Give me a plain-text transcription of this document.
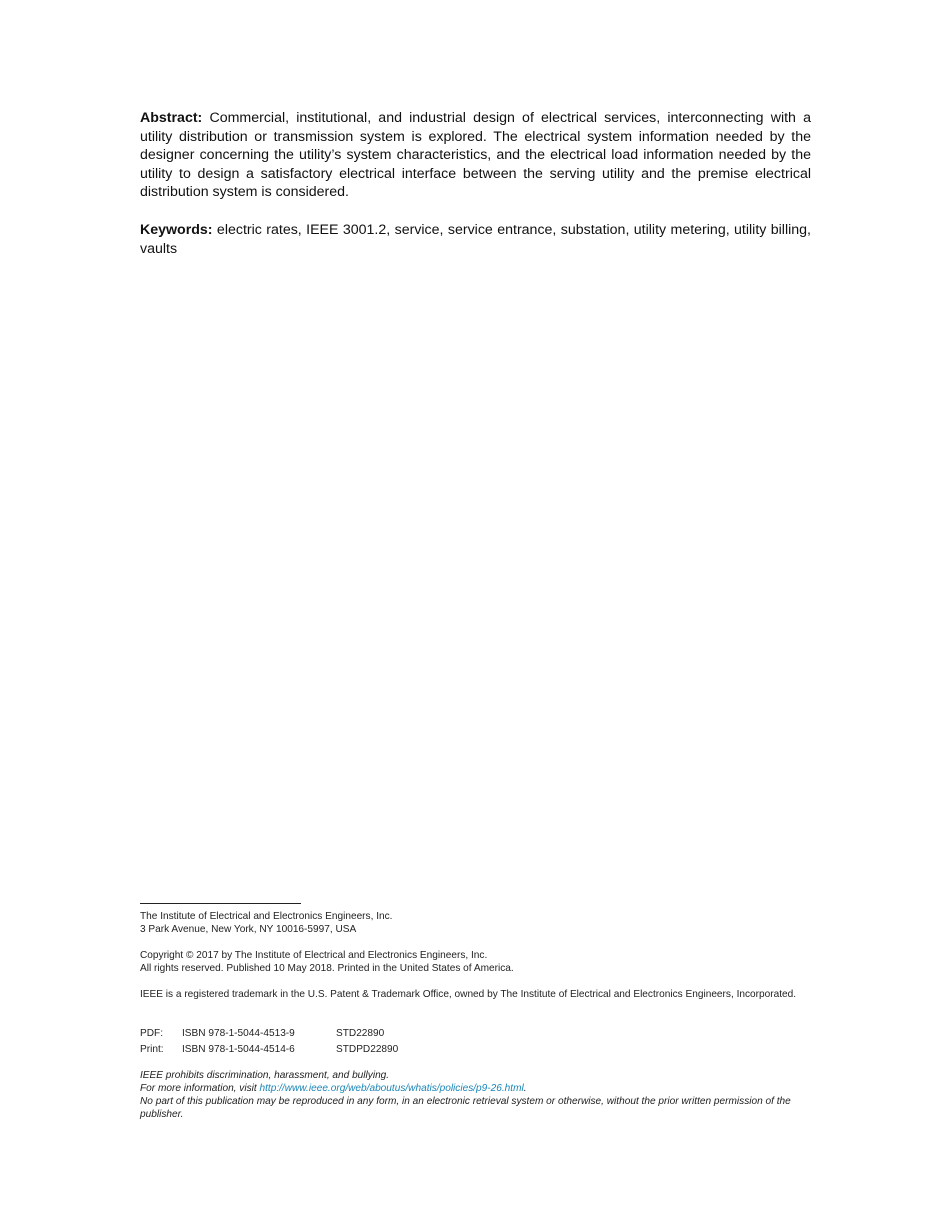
Abstract: Commercial, institutional, and industrial design of electrical services, interconnecting with a utility distribution or transmission system is explored. The electrical system information needed by the designer concerning the utility’s system characteristics, and the electrical load information needed by the utility to design a satisfactory electrical interface between the serving utility and the premise electrical distribution system is considered.

Keywords: electric rates, IEEE 3001.2, service, service entrance, substation, utility metering, utility billing, vaults

The Institute of Electrical and Electronics Engineers, Inc.

3 Park Avenue, New York, NY 10016-5997, USA

Copyright © 2017 by The Institute of Electrical and Electronics Engineers, Inc.

All rights reserved. Published 10 May 2018. Printed in the United States of America.

IEEE is a registered trademark in the U.S. Patent & Trademark Office, owned by The Institute of Electrical and Electronics Engineers, Incorporated.

PDF:	ISBN 978-1-5044-4513-9	STD22890
Print:	ISBN 978-1-5044-4514-6	STDPD22890

IEEE prohibits discrimination, harassment, and bullying.

For more information, visit http://www.ieee.org/web/aboutus/whatis/policies/p9-26.html.

No part of this publication may be reproduced in any form, in an electronic retrieval system or otherwise, without the prior written permission of the publisher.
